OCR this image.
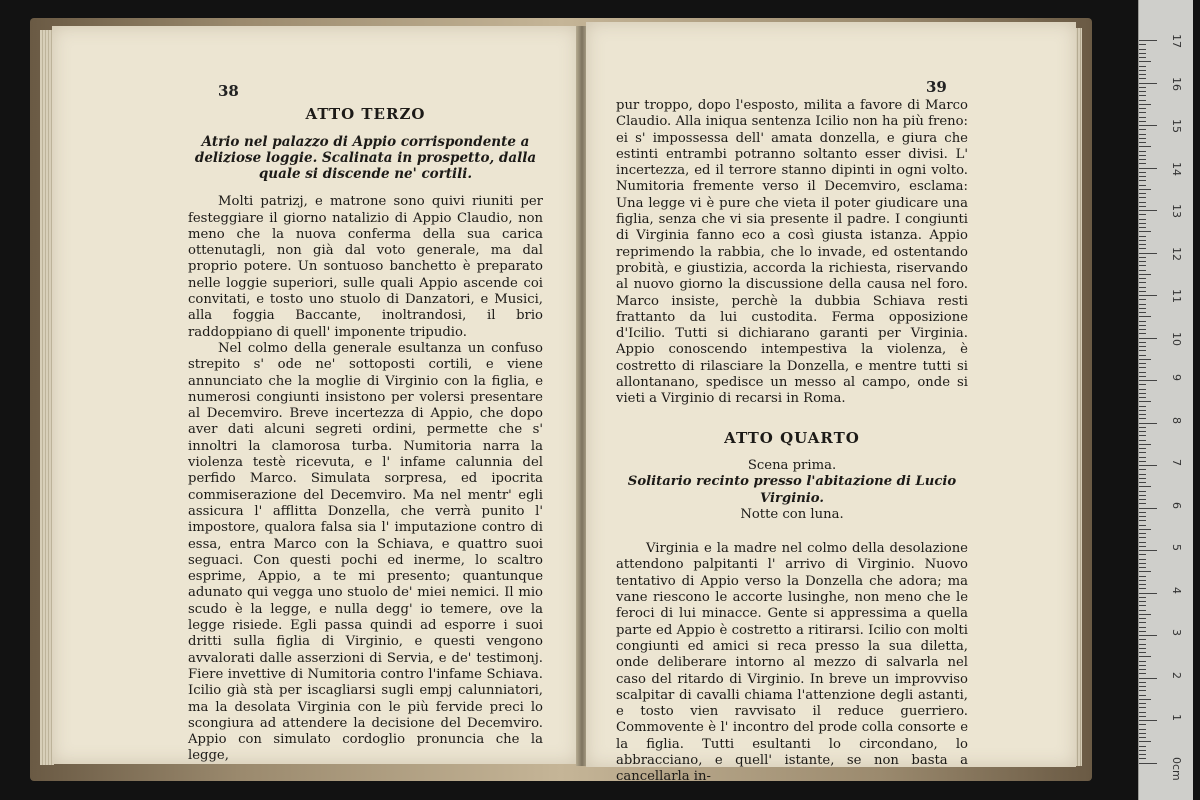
38	39
ATTO TERZO
Atrio nel palazzo di Appio corrispondente a deliziose loggie. Scalinata in prospetto, dalla quale si discende ne' cortili.

Molti patrizj, e matrone sono quivi riuniti per festeggiare il giorno natalizio di Appio Claudio, non meno che la nuova conferma della sua carica ottenutagli, non già dal voto generale, ma dal proprio potere. Un sontuoso banchetto è preparato nelle loggie superiori, sulle quali Appio ascende coi convitati, e tosto uno stuolo di Danzatori, e Musici, alla foggia Baccante, inoltrandosi, il brio raddoppiano di quell' imponente tripudio.

Nel colmo della generale esultanza un confuso strepito s' ode ne' sottoposti cortili, e viene annunciato che la moglie di Virginio con la figlia, e numerosi congiunti insistono per volersi presentare al Decemviro. Breve incertezza di Appio, che dopo aver dati alcuni segreti ordini, permette che s' innoltri la clamorosa turba. Numitoria narra la violenza testè ricevuta, e l' infame calunnia del perfido Marco. Simulata sorpresa, ed ipocrita commiserazione del Decemviro. Ma nel mentr' egli assicura l' afflitta Donzella, che verrà punito l' impostore, qualora falsa sia l' imputazione contro di essa, entra Marco con la Schiava, e quattro suoi seguaci. Con questi pochi ed inerme, lo scaltro esprime, Appio, a te mi presento; quantunque adunato qui vegga uno stuolo de' miei nemici. Il mio scudo è la legge, e nulla degg' io temere, ove la legge risiede. Egli passa quindi ad esporre i suoi dritti sulla figlia di Virginio, e questi vengono avvalorati dalle asserzioni di Servia, e de' testimonj. Fiere invettive di Numitoria contro l'infame Schiava. Icilio già stà per iscagliarsi sugli empj calunniatori, ma la desolata Virginia con le più fervide preci lo scongiura ad attendere la decisione del Decemviro. Appio con simulato cordoglio pronuncia che la legge,

pur troppo, dopo l'esposto, milita a favore di Marco Claudio. Alla iniqua sentenza Icilio non ha più freno: ei s' impossessa dell' amata donzella, e giura che estinti entrambi potranno soltanto esser divisi. L' incertezza, ed il terrore stanno dipinti in ogni volto. Numitoria fremente verso il Decemviro, esclama: Una legge vi è pure che vieta il poter giudicare una figlia, senza che vi sia presente il padre. I congiunti di Virginia fanno eco a così giusta istanza. Appio reprimendo la rabbia, che lo invade, ed ostentando probità, e giustizia, accorda la richiesta, riservando al nuovo giorno la discussione della causa nel foro. Marco insiste, perchè la dubbia Schiava resti frattanto da lui custodita. Ferma opposizione d'Icilio. Tutti si dichiarano garanti per Virginia. Appio conoscendo intempestiva la violenza, è costretto di rilasciare la Donzella, e mentre tutti si allontanano, spedisce un messo al campo, onde si vieti a Virginio di recarsi in Roma.

ATTO QUARTO
Scena prima.
Solitario recinto presso l'abitazione di Lucio Virginio.
Notte con luna.

Virginia e la madre nel colmo della desolazione attendono palpitanti l' arrivo di Virginio. Nuovo tentativo di Appio verso la Donzella che adora; ma vane riescono le accorte lusinghe, non meno che le feroci di lui minacce. Gente si appressima a quella parte ed Appio è costretto a ritirarsi. Icilio con molti congiunti ed amici si reca presso la sua diletta, onde deliberare intorno al mezzo di salvarla nel caso del ritardo di Virginio. In breve un improvviso scalpitar di cavalli chiama l'attenzione degli astanti, e tosto vien ravvisato il reduce guerriero. Commovente è l' incontro del prode colla consorte e la figlia. Tutti esultanti lo circondano, lo abbracciano, e quell' istante, se non basta a cancellarla in-

17
16
15
14
13
12
11
10
9
8
7
6
5
4
3
2
1
0cm
